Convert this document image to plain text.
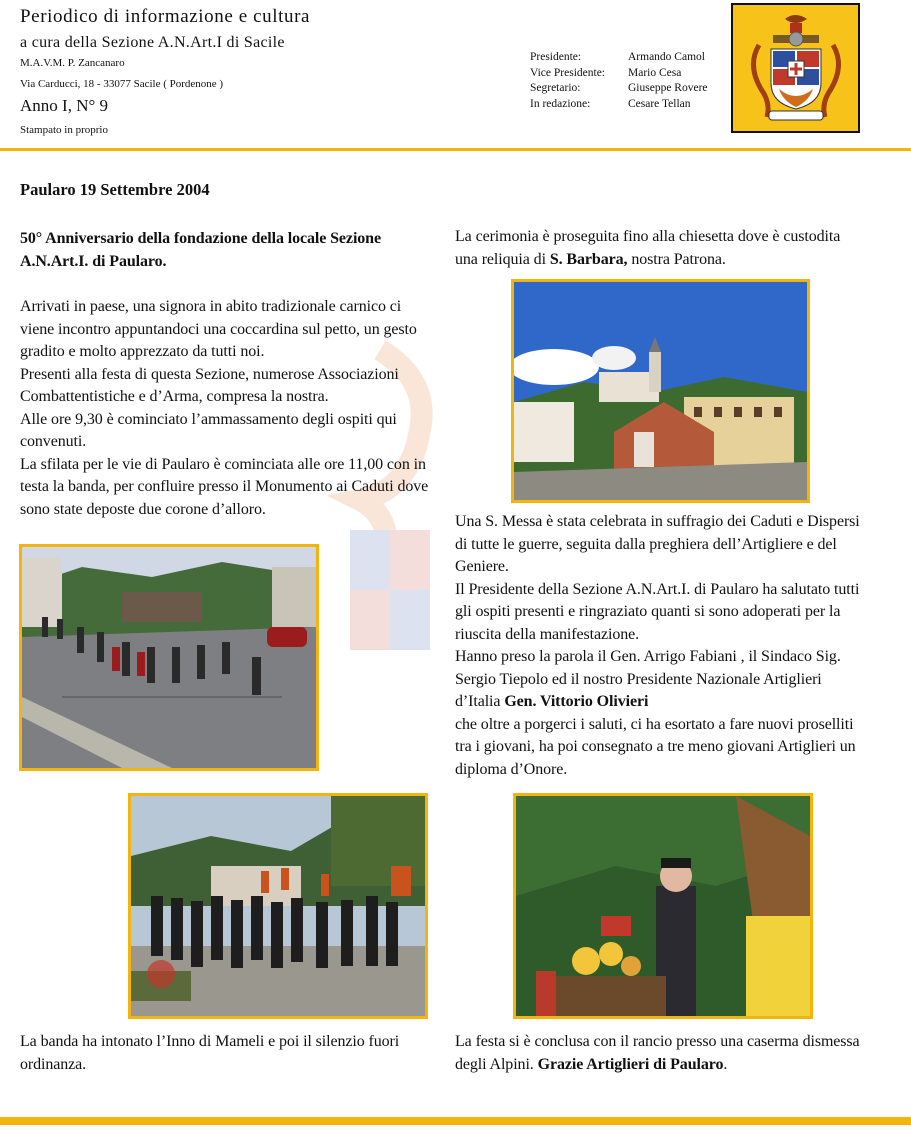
Periodico di informazione e cultura
a cura della Sezione A.N.Art.I di Sacile
M.A.V.M. P. Zancanaro
Via Carducci, 18 - 33077 Sacile ( Pordenone )
Anno I, N° 9
Stampato in proprio
Presidente:	Armando Camol
Vice Presidente:	Mario Cesa
Segretario:	Giuseppe Rovere
In redazione:	Cesare Tellan
Paularo 19 Settembre 2004
50° Anniversario della fondazione della locale Sezione A.N.Art.I. di Paularo.
Arrivati in paese, una signora in abito tradizionale carnico ci viene incontro appuntandoci una coccardina sul petto, un gesto gradito e molto apprezzato da tutti noi.
Presenti alla festa di questa Sezione, numerose Associazioni Combattentistiche e d’Arma, compresa la nostra.
Alle ore 9,30 è cominciato l’ammassamento degli ospiti qui convenuti.
La sfilata per le vie di Paularo è cominciata alle ore 11,00 con in testa la banda, per confluire presso il Monumento ai Caduti dove sono state deposte due corone d’alloro.
La cerimonia è proseguita fino alla chiesetta dove è custodita una reliquia di S. Barbara, nostra Patrona.
Una S. Messa è stata celebrata in suffragio dei Caduti e Dispersi di tutte le guerre, seguita dalla preghiera dell’Artigliere e del Geniere.
Il Presidente della Sezione A.N.Art.I. di Paularo ha salutato tutti gli ospiti presenti e ringraziato quanti si sono adoperati per la riuscita della manifestazione.
Hanno preso la parola il Gen. Arrigo Fabiani , il Sindaco Sig. Sergio Tiepolo ed il nostro Presidente Nazionale Artiglieri d’Italia Gen. Vittorio Olivieri
che oltre a porgerci i saluti, ci ha esortato a fare nuovi proselliti tra i giovani, ha poi consegnato a tre meno giovani Artiglieri un diploma d’Onore.
La banda ha intonato l’Inno di Mameli e poi il silenzio fuori ordinanza.
La festa si è conclusa con il rancio presso una caserma dismessa degli Alpini. Grazie Artiglieri di Paularo.
